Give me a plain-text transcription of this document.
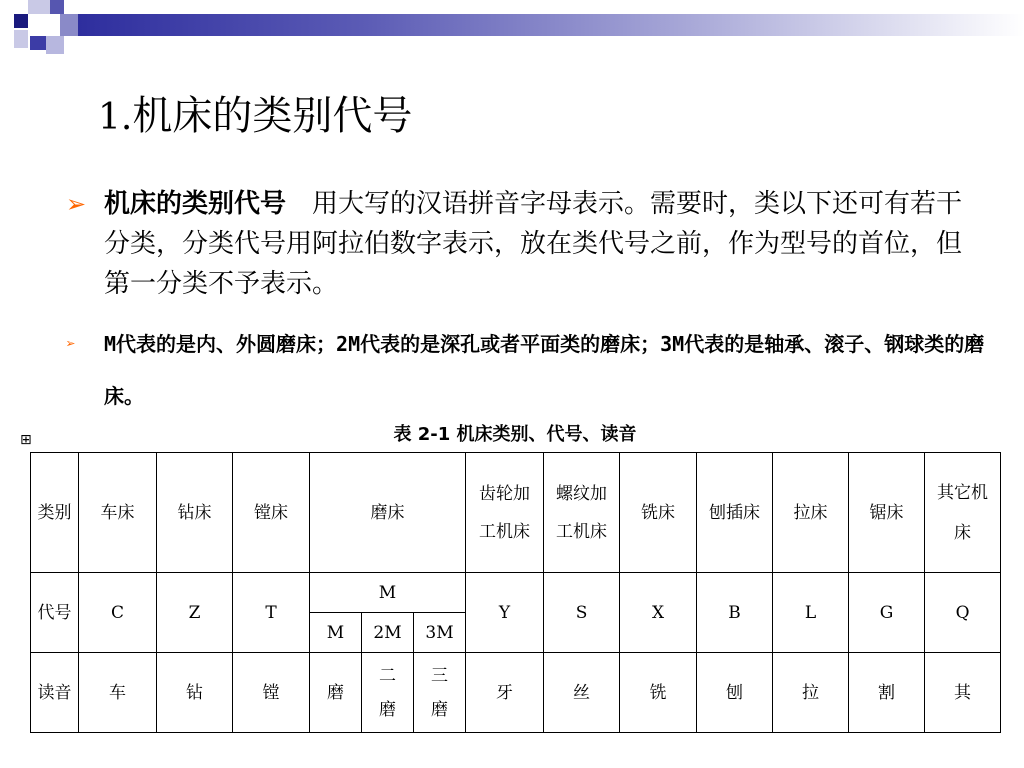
1.机床的类别代号
➢ 机床的类别代号　用大写的汉语拼音字母表示。需要时，类以下还可有若干分类，分类代号用阿拉伯数字表示，放在类代号之前，作为型号的首位，但第一分类不予表示。
➢ M代表的是内、外圆磨床；2M代表的是深孔或者平面类的磨床；3M代表的是轴承、滚子、钢球类的磨床。
表 2-1 机床类别、代号、读音
⊞
类别	车床	钻床	镗床	磨床			齿轮加工机床	螺纹加工机床	铣床	刨插床	拉床	锯床	其它机床

代号	C	Z	T	M			Y	S	X	B	L	G	Q
				M	2M	3M							

读音	车	钻	镗	磨	二磨	三磨	牙	丝	铣	刨	拉	割	其
